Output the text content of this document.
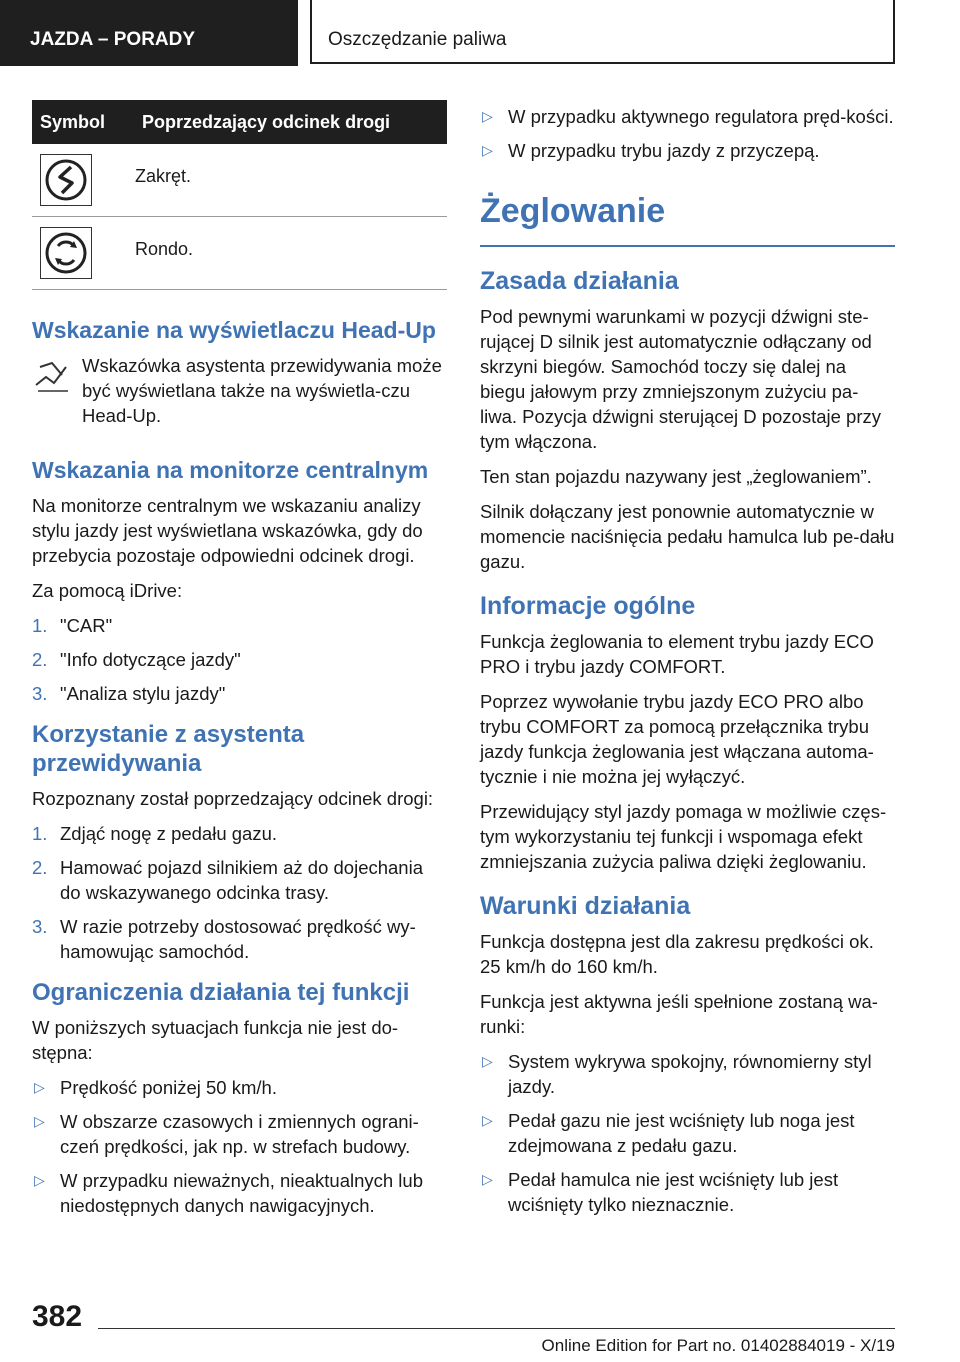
JAZDA – PORADY	Oszczędzanie paliwa
Symbol	Poprzedzający odcinek drogi

	Zakręt.

	Rondo.
Wskazanie na wyświetlaczu Head-Up

Wskazówka asystenta przewidywania może być wyświetlana także na wyświetla‐czu Head-Up.

Wskazania na monitorze centralnym

Na monitorze centralnym we wskazaniu analizy stylu jazdy jest wyświetlana wskazówka, gdy do przebycia pozostaje odpowiedni odcinek drogi.

Za pomocą iDrive:

1. "CAR"
2. "Info dotyczące jazdy"
3. "Analiza stylu jazdy"
Korzystanie z asystenta przewidywania

Rozpoznany został poprzedzający odcinek drogi:

1. Zdjąć nogę z pedału gazu.
2. Hamować pojazd silnikiem aż do dojechania do wskazywanego odcinka trasy.
3. W razie potrzeby dostosować prędkość wy‐hamowując samochód.
Ograniczenia działania tej funkcji

W poniższych sytuacjach funkcja nie jest do‐stępna:

▷ Prędkość poniżej 50 km/h.
▷ W obszarze czasowych i zmiennych ograni‐czeń prędkości, jak np. w strefach budowy.
▷ W przypadku nieważnych, nieaktualnych lub niedostępnych danych nawigacyjnych.
▷ W przypadku aktywnego regulatora pręd‐kości.
▷ W przypadku trybu jazdy z przyczepą.
Żeglowanie
Zasada działania

Pod pewnymi warunkami w pozycji dźwigni ste‐rującej D silnik jest automatycznie odłączany od skrzyni biegów. Samochód toczy się dalej na biegu jałowym przy zmniejszonym zużyciu pa‐liwa. Pozycja dźwigni sterującej D pozostaje przy tym włączona.

Ten stan pojazdu nazywany jest „żeglowaniem”.

Silnik dołączany jest ponownie automatycznie w momencie naciśnięcia pedału hamulca lub pe‐dału gazu.

Informacje ogólne

Funkcja żeglowania to element trybu jazdy ECO PRO i trybu jazdy COMFORT.

Poprzez wywołanie trybu jazdy ECO PRO albo trybu COMFORT za pomocą przełącznika trybu jazdy funkcja żeglowania jest włączana automa‐tycznie i nie można jej wyłączyć.

Przewidujący styl jazdy pomaga w możliwie częs‐tym wykorzystaniu tej funkcji i wspomaga efekt zmniejszania zużycia paliwa dzięki żeglowaniu.

Warunki działania

Funkcja dostępna jest dla zakresu prędkości ok. 25 km/h do 160 km/h.

Funkcja jest aktywna jeśli spełnione zostaną wa‐runki:

▷ System wykrywa spokojny, równomierny styl jazdy.
▷ Pedał gazu nie jest wciśnięty lub noga jest zdejmowana z pedału gazu.
▷ Pedał hamulca nie jest wciśnięty lub jest wciśnięty tylko nieznacznie.
382
Online Edition for Part no. 01402884019 - X/19
